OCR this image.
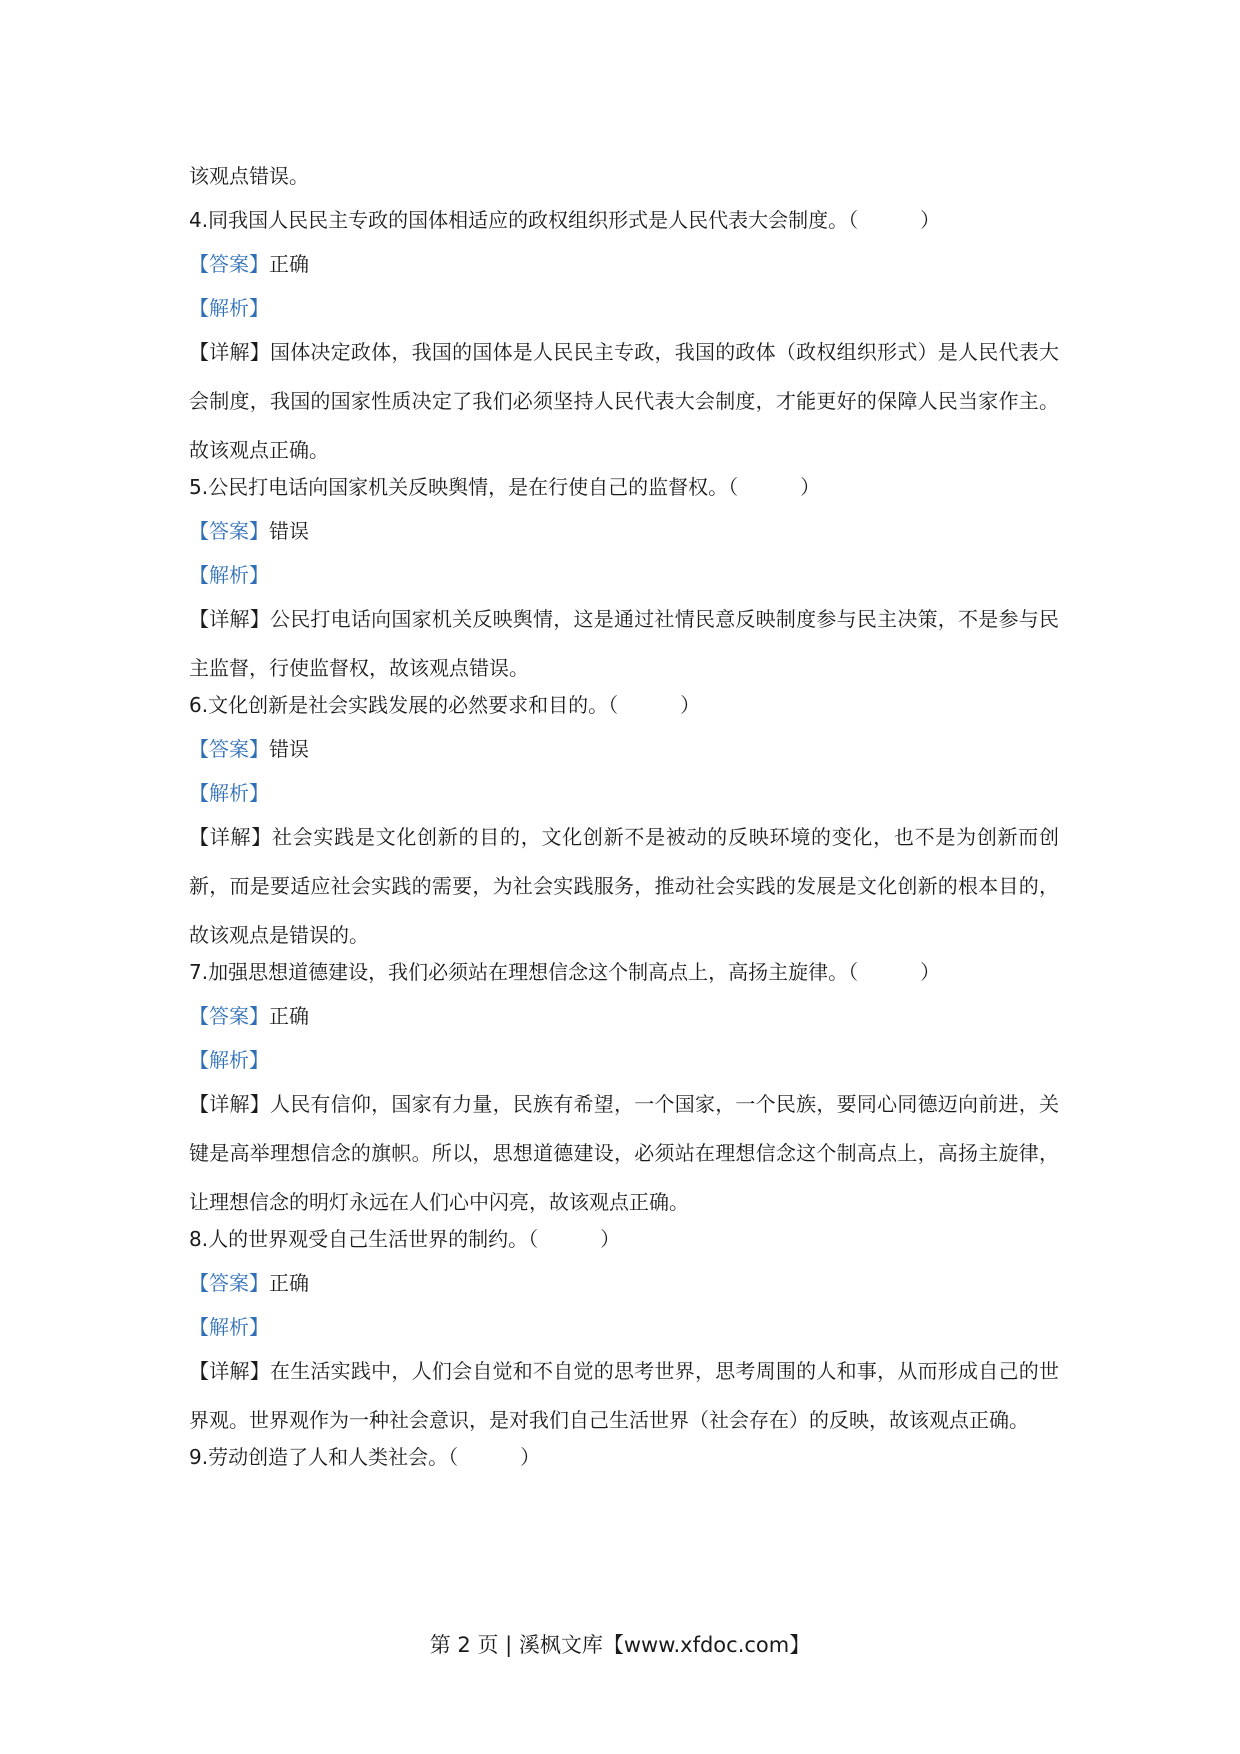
该观点错误。
4.同我国人民民主专政的国体相适应的政权组织形式是人民代表大会制度。（	）
【答案】正确
【解析】
【详解】国体决定政体，我国的国体是人民民主专政，我国的政体（政权组织形式）是人民代表大会制度，我国的国家性质决定了我们必须坚持人民代表大会制度，才能更好的保障人民当家作主。故该观点正确。
5.公民打电话向国家机关反映舆情，是在行使自己的监督权。（	）
【答案】错误
【解析】
【详解】公民打电话向国家机关反映舆情，这是通过社情民意反映制度参与民主决策，不是参与民主监督，行使监督权，故该观点错误。
6.文化创新是社会实践发展的必然要求和目的。（	）
【答案】错误
【解析】
【详解】社会实践是文化创新的目的，文化创新不是被动的反映环境的变化，也不是为创新而创新，而是要适应社会实践的需要，为社会实践服务，推动社会实践的发展是文化创新的根本目的，故该观点是错误的。
7.加强思想道德建设，我们必须站在理想信念这个制高点上，高扬主旋律。（	）
【答案】正确
【解析】
【详解】人民有信仰，国家有力量，民族有希望，一个国家，一个民族，要同心同德迈向前进，关键是高举理想信念的旗帜。所以，思想道德建设，必须站在理想信念这个制高点上，高扬主旋律，让理想信念的明灯永远在人们心中闪亮，故该观点正确。
8.人的世界观受自己生活世界的制约。（	）
【答案】正确
【解析】
【详解】在生活实践中，人们会自觉和不自觉的思考世界，思考周围的人和事，从而形成自己的世界观。世界观作为一种社会意识，是对我们自己生活世界（社会存在）的反映，故该观点正确。
9.劳动创造了人和人类社会。（	）
第 2 页 | 溪枫文库【www.xfdoc.com】
